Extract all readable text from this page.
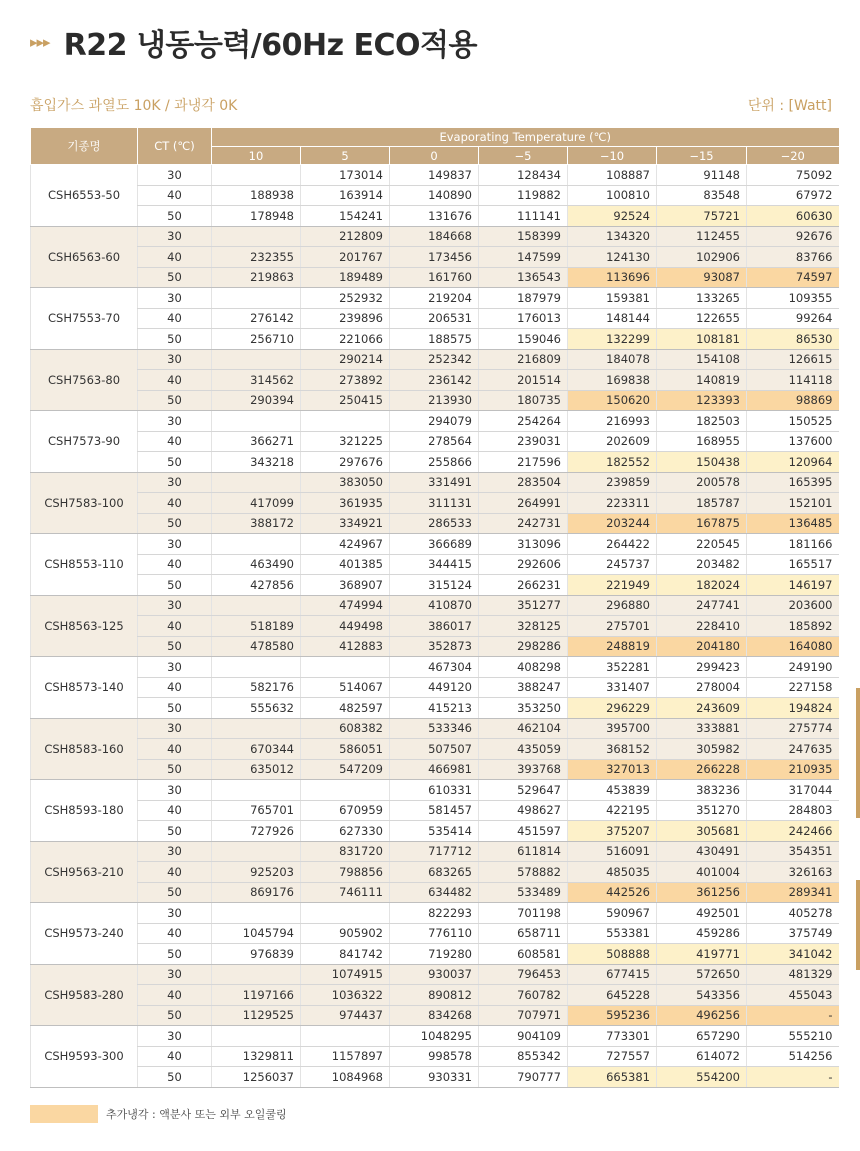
▸▸▸ R22 냉동능력/60Hz ECO적용
흡입가스 과열도 10K / 과냉각 0K	단위 : [Watt]
기종명	CT (℃)	Evaporating Temperature (℃)						
		10	5	0	−5	−10	−15	−20
CSH6553-50	30		173014	149837	128434	108887	91148	75092
	40	188938	163914	140890	119882	100810	83548	67972
	50	178948	154241	131676	111141	92524	75721	60630
CSH6563-60	30		212809	184668	158399	134320	112455	92676
	40	232355	201767	173456	147599	124130	102906	83766
	50	219863	189489	161760	136543	113696	93087	74597
CSH7553-70	30		252932	219204	187979	159381	133265	109355
	40	276142	239896	206531	176013	148144	122655	99264
	50	256710	221066	188575	159046	132299	108181	86530
CSH7563-80	30		290214	252342	216809	184078	154108	126615
	40	314562	273892	236142	201514	169838	140819	114118
	50	290394	250415	213930	180735	150620	123393	98869
CSH7573-90	30			294079	254264	216993	182503	150525
	40	366271	321225	278564	239031	202609	168955	137600
	50	343218	297676	255866	217596	182552	150438	120964
CSH7583-100	30		383050	331491	283504	239859	200578	165395
	40	417099	361935	311131	264991	223311	185787	152101
	50	388172	334921	286533	242731	203244	167875	136485
CSH8553-110	30		424967	366689	313096	264422	220545	181166
	40	463490	401385	344415	292606	245737	203482	165517
	50	427856	368907	315124	266231	221949	182024	146197
CSH8563-125	30		474994	410870	351277	296880	247741	203600
	40	518189	449498	386017	328125	275701	228410	185892
	50	478580	412883	352873	298286	248819	204180	164080
CSH8573-140	30			467304	408298	352281	299423	249190
	40	582176	514067	449120	388247	331407	278004	227158
	50	555632	482597	415213	353250	296229	243609	194824
CSH8583-160	30		608382	533346	462104	395700	333881	275774
	40	670344	586051	507507	435059	368152	305982	247635
	50	635012	547209	466981	393768	327013	266228	210935
CSH8593-180	30			610331	529647	453839	383236	317044
	40	765701	670959	581457	498627	422195	351270	284803
	50	727926	627330	535414	451597	375207	305681	242466
CSH9563-210	30		831720	717712	611814	516091	430491	354351
	40	925203	798856	683265	578882	485035	401004	326163
	50	869176	746111	634482	533489	442526	361256	289341
CSH9573-240	30			822293	701198	590967	492501	405278
	40	1045794	905902	776110	658711	553381	459286	375749
	50	976839	841742	719280	608581	508888	419771	341042
CSH9583-280	30		1074915	930037	796453	677415	572650	481329
	40	1197166	1036322	890812	760782	645228	543356	455043
	50	1129525	974437	834268	707971	595236	496256	-
CSH9593-300	30			1048295	904109	773301	657290	555210
	40	1329811	1157897	998578	855342	727557	614072	514256
	50	1256037	1084968	930331	790777	665381	554200	-
추가냉각 : 액분사 또는 외부 오일쿨링
